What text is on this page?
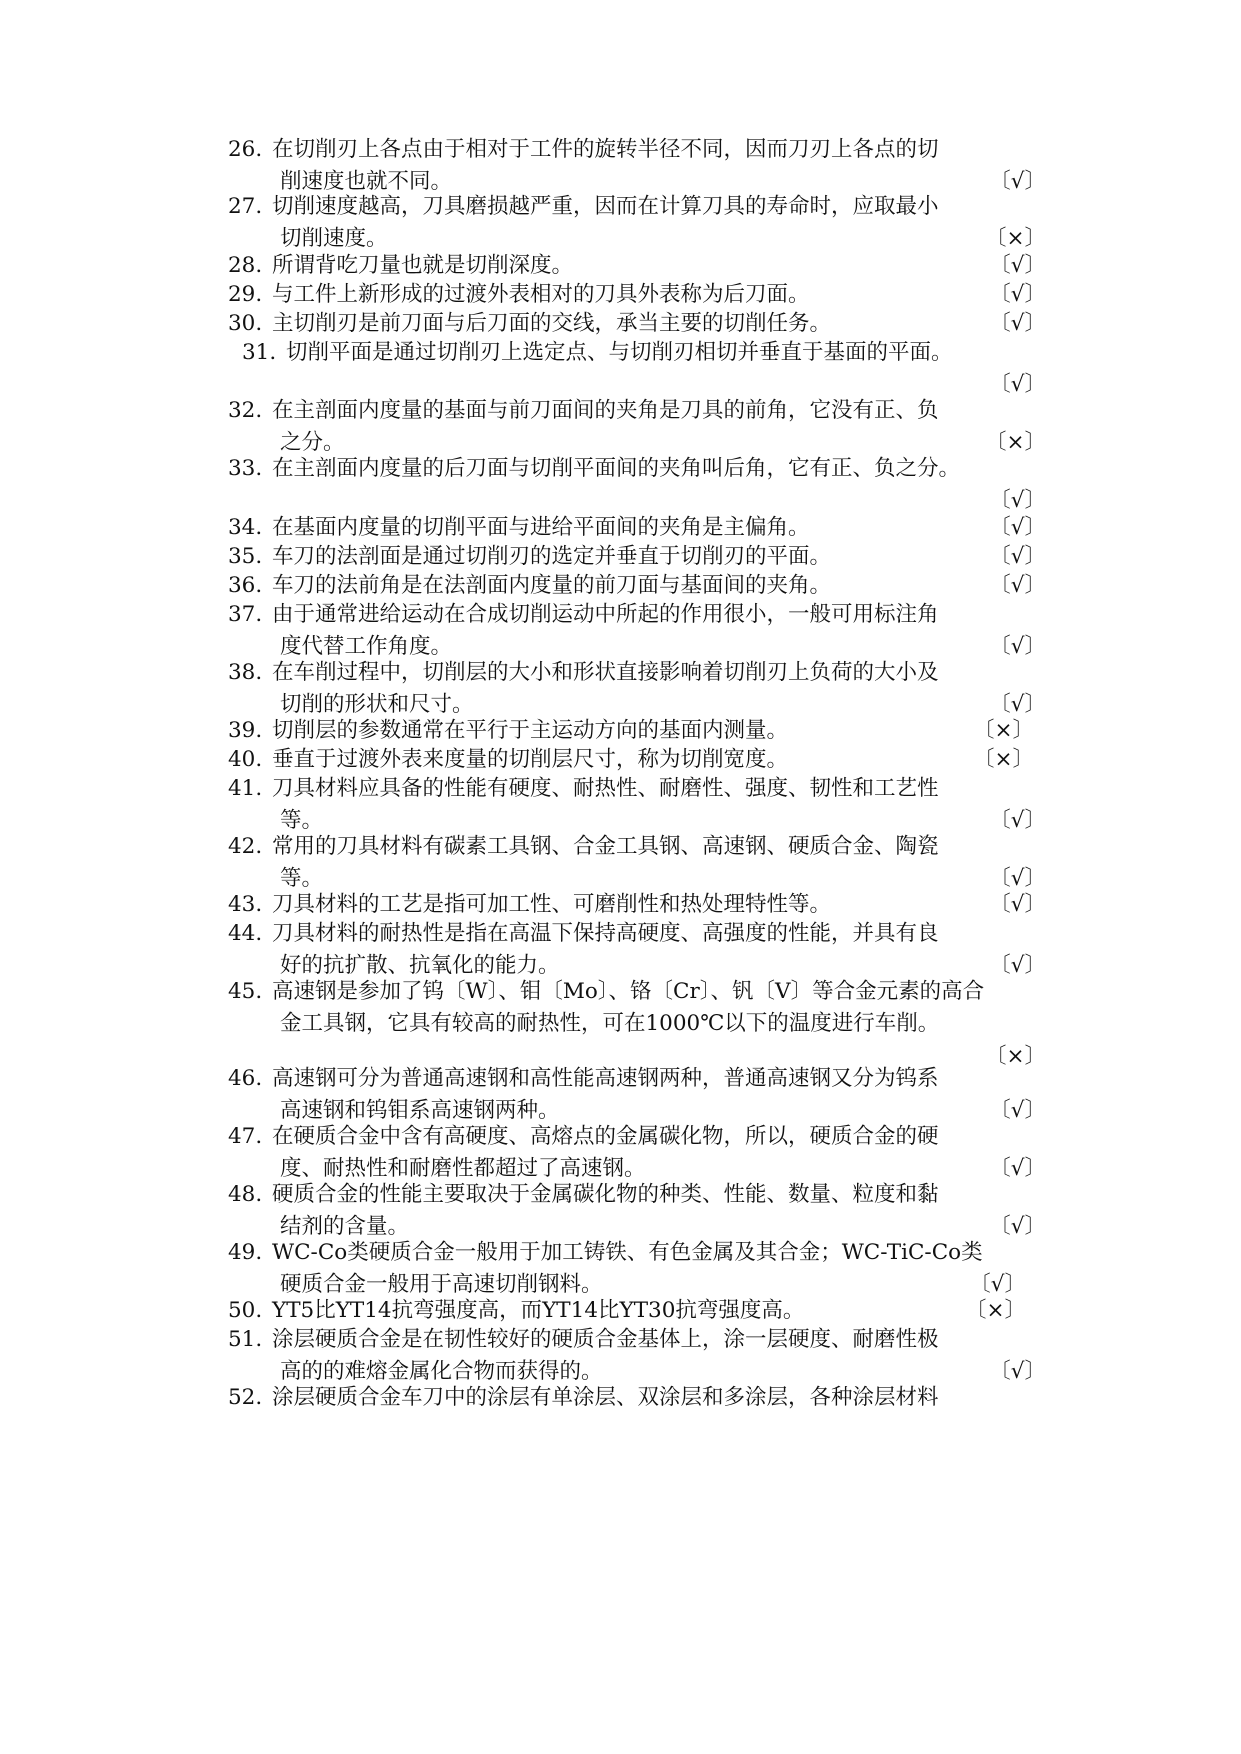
26. 在切削刃上各点由于相对于工件的旋转半径不同，因而刀刃上各点的切
削速度也就不同。	〔√〕
27. 切削速度越高，刀具磨损越严重，因而在计算刀具的寿命时，应取最小
切削速度。	〔×〕
28. 所谓背吃刀量也就是切削深度。	〔√〕
29. 与工件上新形成的过渡外表相对的刀具外表称为后刀面。	〔√〕
30. 主切削刃是前刀面与后刀面的交线，承当主要的切削任务。	〔√〕
31. 切削平面是通过切削刃上选定点、与切削刃相切并垂直于基面的平面。
〔√〕
32. 在主剖面内度量的基面与前刀面间的夹角是刀具的前角，它没有正、负
之分。	〔×〕
33. 在主剖面内度量的后刀面与切削平面间的夹角叫后角，它有正、负之分。
〔√〕
34. 在基面内度量的切削平面与进给平面间的夹角是主偏角。	〔√〕
35. 车刀的法剖面是通过切削刃的选定并垂直于切削刃的平面。	〔√〕
36. 车刀的法前角是在法剖面内度量的前刀面与基面间的夹角。	〔√〕
37. 由于通常进给运动在合成切削运动中所起的作用很小，一般可用标注角
度代替工作角度。	〔√〕
38. 在车削过程中，切削层的大小和形状直接影响着切削刃上负荷的大小及
切削的形状和尺寸。	〔√〕
39. 切削层的参数通常在平行于主运动方向的基面内测量。	〔×〕
40. 垂直于过渡外表来度量的切削层尺寸，称为切削宽度。	〔×〕
41. 刀具材料应具备的性能有硬度、耐热性、耐磨性、强度、韧性和工艺性
等。	〔√〕
42. 常用的刀具材料有碳素工具钢、合金工具钢、高速钢、硬质合金、陶瓷
等。	〔√〕
43. 刀具材料的工艺是指可加工性、可磨削性和热处理特性等。	〔√〕
44. 刀具材料的耐热性是指在高温下保持高硬度、高强度的性能，并具有良
好的抗扩散、抗氧化的能力。	〔√〕
45. 高速钢是参加了钨〔W〕、钼〔Mo〕、铬〔Cr〕、钒〔V〕等合金元素的高合
金工具钢，它具有较高的耐热性，可在1000℃以下的温度进行车削。
〔×〕
46. 高速钢可分为普通高速钢和高性能高速钢两种，普通高速钢又分为钨系
高速钢和钨钼系高速钢两种。	〔√〕
47. 在硬质合金中含有高硬度、高熔点的金属碳化物，所以，硬质合金的硬
度、耐热性和耐磨性都超过了高速钢。	〔√〕
48. 硬质合金的性能主要取决于金属碳化物的种类、性能、数量、粒度和黏
结剂的含量。	〔√〕
49. WC-Co类硬质合金一般用于加工铸铁、有色金属及其合金；WC-TiC-Co类
硬质合金一般用于高速切削钢料。	〔√〕
50. YT5比YT14抗弯强度高，而YT14比YT30抗弯强度高。	〔×〕
51. 涂层硬质合金是在韧性较好的硬质合金基体上，涂一层硬度、耐磨性极
高的的难熔金属化合物而获得的。	〔√〕
52. 涂层硬质合金车刀中的涂层有单涂层、双涂层和多涂层，各种涂层材料
